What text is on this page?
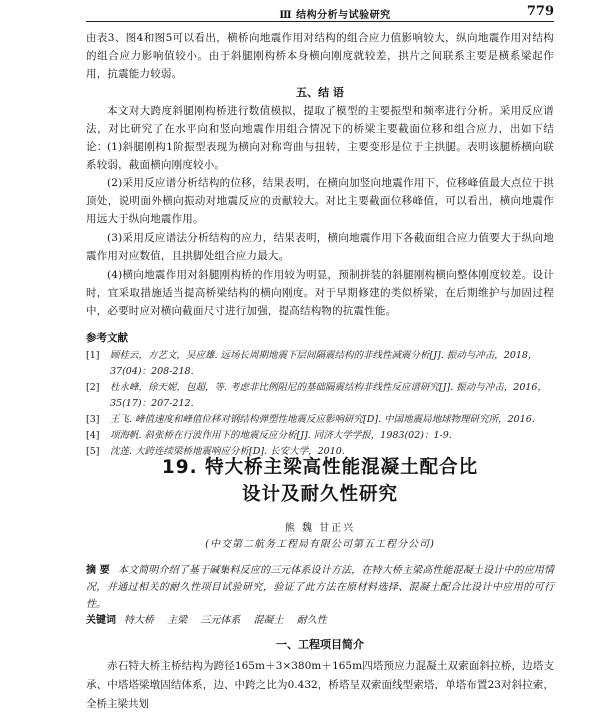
Ⅲ 结构分析与试验研究	779

由表3、图4和图5可以看出，横桥向地震作用对结构的组合应力值影响较大，纵向地震作用对结构的组合应力影响值较小。由于斜腿刚构桥本身横向刚度就较差，拱片之间联系主要是横系梁起作用，抗震能力较弱。

五、结 语

本文对大跨度斜腿刚构桥进行数值模拟，提取了模型的主要振型和频率进行分析。采用反应谱法，对比研究了在水平向和竖向地震作用组合情况下的桥梁主要截面位移和组合应力，出如下结论： (1)斜腿刚构1阶振型表现为横向对称弯曲与扭转，主要变形是位于主拱腿。表明该腿桥横向联系较弱，截面横向刚度较小。

(2)采用反应谱分析结构的位移，结果表明，在横向加竖向地震作用下，位移峰值最大点位于拱顶处，说明面外横向振动对地震反应的贡献较大。对比主要截面位移峰值，可以看出，横向地震作用远大于纵向地震作用。

(3)采用反应谱法分析结构的应力，结果表明，横向地震作用下各截面组合应力值要大于纵向地震作用对应数值，且拱脚处组合应力最大。

(4)横向地震作用对斜腿刚构桥的作用较为明显，预制拼装的斜腿刚构横向整体刚度较差。设计时，宜采取措施适当提高桥梁结构的横向刚度。对于早期修建的类似桥梁，在后期维护与加固过程中，必要时应对横向截面尺寸进行加强，提高结构物的抗震性能。

参考文献
[1] 顾桂云，方艺文，吴应雄. 远场长周期地震下层间隔震结构的非线性减震分析[J]. 振动与冲击，2018，37(04)：208-218.
[2] 杜永峰，徐天妮，包超，等. 考虑非比例阻尼的基础隔震结构非线性反应谱研究[J]. 振动与冲击，2016，35(17)：207-212.
[3] 王飞. 峰值速度和峰值位移对钢结构弹塑性地震反应影响研究[D]. 中国地震局地球物理研究所，2016.
[4] 项海帆. 斜张桥在行波作用下的地震反应分析[J]. 同济大学学报，1983(02)：1-9.
[5] 沈莲. 大跨连续梁桥地震响应分析[D]. 长安大学，2010.
19. 特大桥主梁高性能混凝土配合比
设计及耐久性研究
熊 魏 甘正兴
(中交第二航务工程局有限公司第五工程分公司)
摘 要 本文简明介绍了基于碱集料反应的三元体系设计方法，在特大桥主梁高性能混凝土设计中的应用情况，并通过相关的耐久性项目试验研究，验证了此方法在原材料选择、混凝土配合比设计中应用的可行性。
关键词 特大桥 主梁 三元体系 混凝土 耐久性
一、工程项目简介

赤石特大桥主桥结构为跨径165m＋3×380m＋165m四塔预应力混凝土双索面斜拉桥，边塔支承、中塔塔梁墩固结体系，边、中跨之比为0.432，桥塔呈双索面线型索塔，单塔布置23对斜拉索，全桥主梁共划
